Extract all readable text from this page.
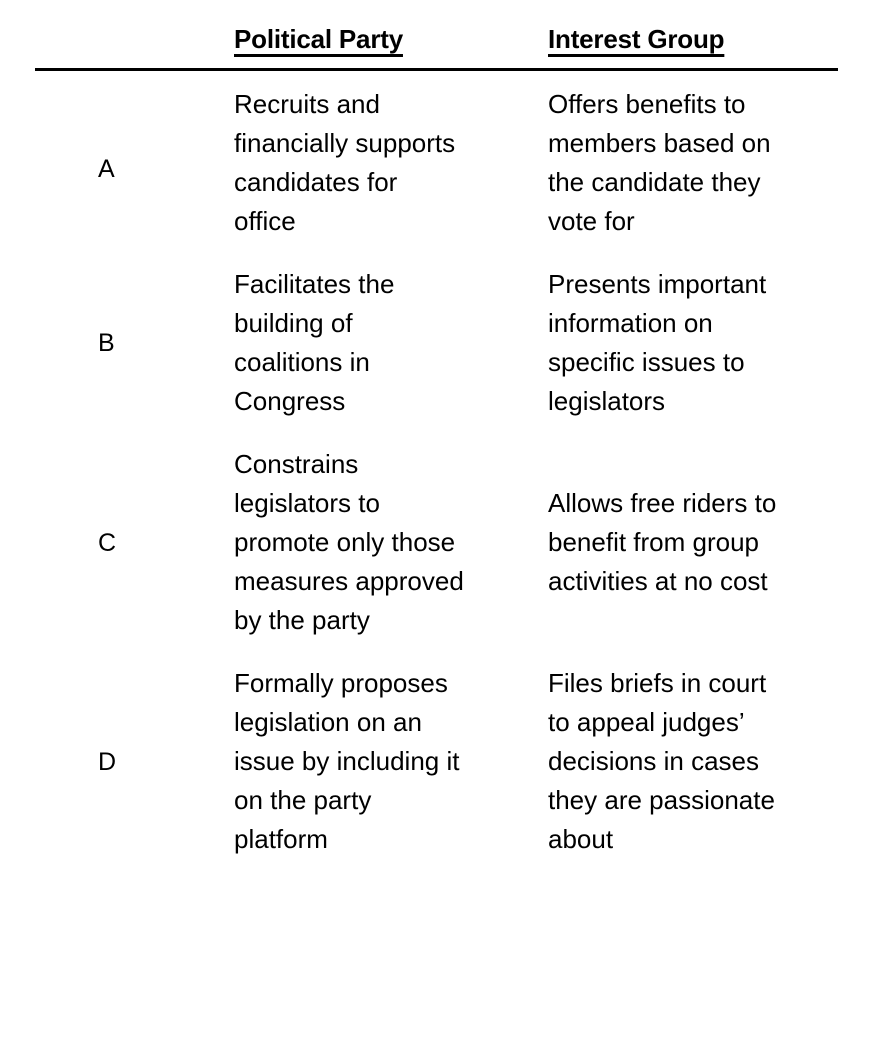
	Political Party	Interest Group

A	Recruits and financially supports candidates for office	Offers benefits to members based on the candidate they vote for

B	Facilitates the building of coalitions in Congress	Presents important information on specific issues to legislators

C	Constrains legislators to promote only those measures approved by the party	Allows free riders to benefit from group activities at no cost

D	Formally proposes legislation on an issue by including it on the party platform	Files briefs in court to appeal judges’ decisions in cases they are passionate about
